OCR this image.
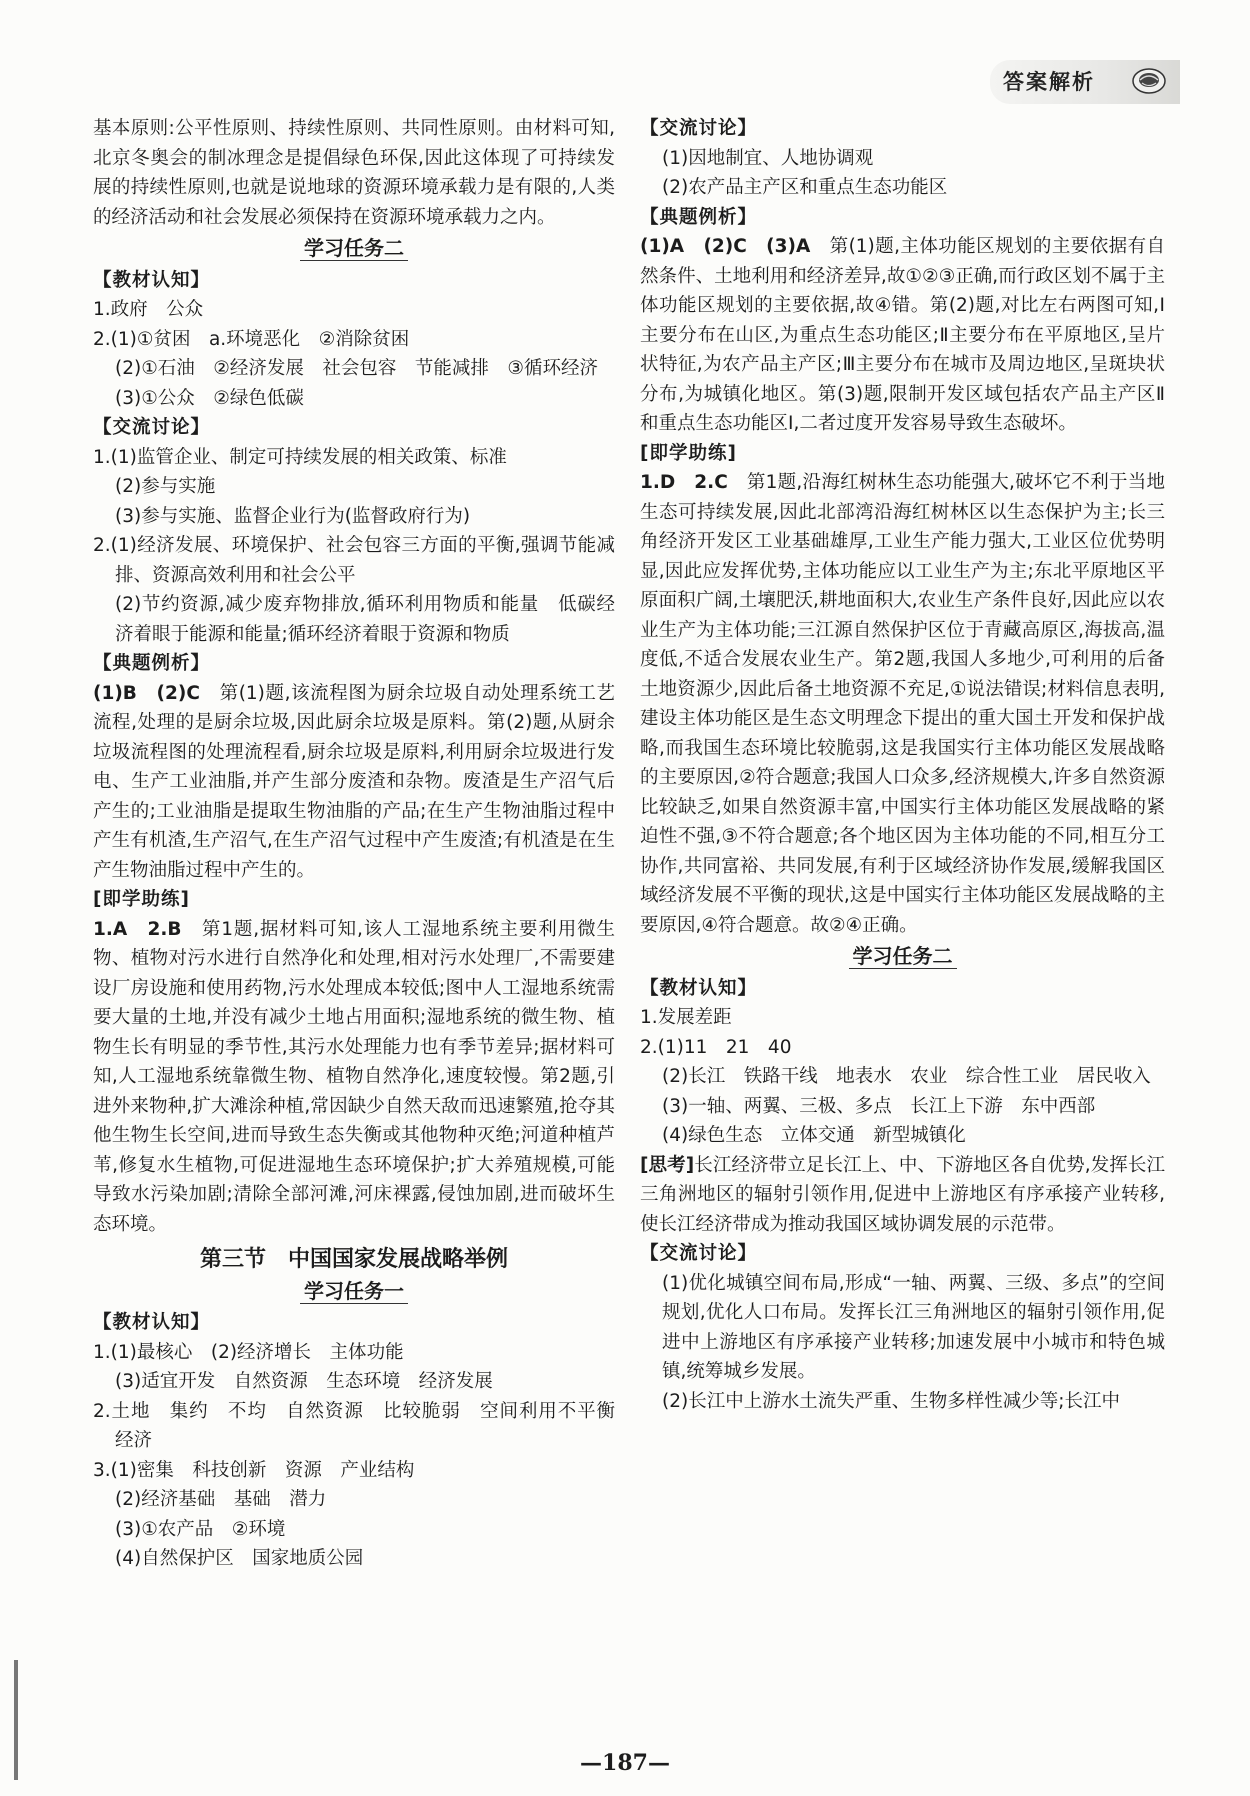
答案解析
基本原则:公平性原则、持续性原则、共同性原则。由材料可知,北京冬奥会的制冰理念是提倡绿色环保,因此这体现了可持续发展的持续性原则,也就是说地球的资源环境承载力是有限的,人类的经济活动和社会发展必须保持在资源环境承载力之内。
学习任务二
【教材认知】
1.政府　公众
2.(1)①贫困　a.环境恶化　②消除贫困
(2)①石油　②经济发展　社会包容　节能减排　③循环经济
(3)①公众　②绿色低碳
【交流讨论】
1.(1)监管企业、制定可持续发展的相关政策、标准
(2)参与实施
(3)参与实施、监督企业行为(监督政府行为)
2.(1)经济发展、环境保护、社会包容三方面的平衡,强调节能减排、资源高效利用和社会公平
(2)节约资源,减少废弃物排放,循环利用物质和能量　低碳经济着眼于能源和能量;循环经济着眼于资源和物质
【典题例析】
(1)B　(2)C　 第(1)题,该流程图为厨余垃圾自动处理系统工艺流程,处理的是厨余垃圾,因此厨余垃圾是原料。第(2)题,从厨余垃圾流程图的处理流程看,厨余垃圾是原料,利用厨余垃圾进行发电、生产工业油脂,并产生部分废渣和杂物。废渣是生产沼气后产生的;工业油脂是提取生物油脂的产品;在生产生物油脂过程中产生有机渣,生产沼气,在生产沼气过程中产生废渣;有机渣是在生产生物油脂过程中产生的。
[即学助练]
1.A　2.B　 第1题,据材料可知,该人工湿地系统主要利用微生物、植物对污水进行自然净化和处理,相对污水处理厂,不需要建设厂房设施和使用药物,污水处理成本较低;图中人工湿地系统需要大量的土地,并没有减少土地占用面积;湿地系统的微生物、植物生长有明显的季节性,其污水处理能力也有季节差异;据材料可知,人工湿地系统靠微生物、植物自然净化,速度较慢。第2题,引进外来物种,扩大滩涂种植,常因缺少自然天敌而迅速繁殖,抢夺其他生物生长空间,进而导致生态失衡或其他物种灭绝;河道种植芦苇,修复水生植物,可促进湿地生态环境保护;扩大养殖规模,可能导致水污染加剧;清除全部河滩,河床裸露,侵蚀加剧,进而破坏生态环境。
第三节　中国国家发展战略举例
学习任务一
【教材认知】
1.(1)最核心　(2)经济增长　主体功能
(3)适宜开发　自然资源　生态环境　经济发展
2.土地　集约　不均　自然资源　比较脆弱　空间利用不平衡　经济
3.(1)密集　科技创新　资源　产业结构
(2)经济基础　基础　潜力
(3)①农产品　②环境
(4)自然保护区　国家地质公园
【交流讨论】
(1)因地制宜、人地协调观
(2)农产品主产区和重点生态功能区
【典题例析】
(1)A　(2)C　(3)A　 第(1)题,主体功能区规划的主要依据有自然条件、土地利用和经济差异,故①②③正确,而行政区划不属于主体功能区规划的主要依据,故④错。第(2)题,对比左右两图可知,Ⅰ主要分布在山区,为重点生态功能区;Ⅱ主要分布在平原地区,呈片状特征,为农产品主产区;Ⅲ主要分布在城市及周边地区,呈斑块状分布,为城镇化地区。第(3)题,限制开发区域包括农产品主产区Ⅱ和重点生态功能区Ⅰ,二者过度开发容易导致生态破坏。
[即学助练]
1.D　2.C　 第1题,沿海红树林生态功能强大,破坏它不利于当地生态可持续发展,因此北部湾沿海红树林区以生态保护为主;长三角经济开发区工业基础雄厚,工业生产能力强大,工业区位优势明显,因此应发挥优势,主体功能应以工业生产为主;东北平原地区平原面积广阔,土壤肥沃,耕地面积大,农业生产条件良好,因此应以农业生产为主体功能;三江源自然保护区位于青藏高原区,海拔高,温度低,不适合发展农业生产。第2题,我国人多地少,可利用的后备土地资源少,因此后备土地资源不充足,①说法错误;材料信息表明,建设主体功能区是生态文明理念下提出的重大国土开发和保护战略,而我国生态环境比较脆弱,这是我国实行主体功能区发展战略的主要原因,②符合题意;我国人口众多,经济规模大,许多自然资源比较缺乏,如果自然资源丰富,中国实行主体功能区发展战略的紧迫性不强,③不符合题意;各个地区因为主体功能的不同,相互分工协作,共同富裕、共同发展,有利于区域经济协作发展,缓解我国区域经济发展不平衡的现状,这是中国实行主体功能区发展战略的主要原因,④符合题意。故②④正确。
学习任务二
【教材认知】
1.发展差距
2.(1)11　21　40
(2)长江　铁路干线　地表水　农业　综合性工业　居民收入
(3)一轴、两翼、三极、多点　长江上下游　东中西部
(4)绿色生态　立体交通　新型城镇化
[思考]长江经济带立足长江上、中、下游地区各自优势,发挥长江三角洲地区的辐射引领作用,促进中上游地区有序承接产业转移,使长江经济带成为推动我国区域协调发展的示范带。
【交流讨论】
(1)优化城镇空间布局,形成“一轴、两翼、三级、多点”的空间规划,优化人口布局。发挥长江三角洲地区的辐射引领作用,促进中上游地区有序承接产业转移;加速发展中小城市和特色城镇,统筹城乡发展。
(2)长江中上游水土流失严重、生物多样性减少等;长江中
—187—
